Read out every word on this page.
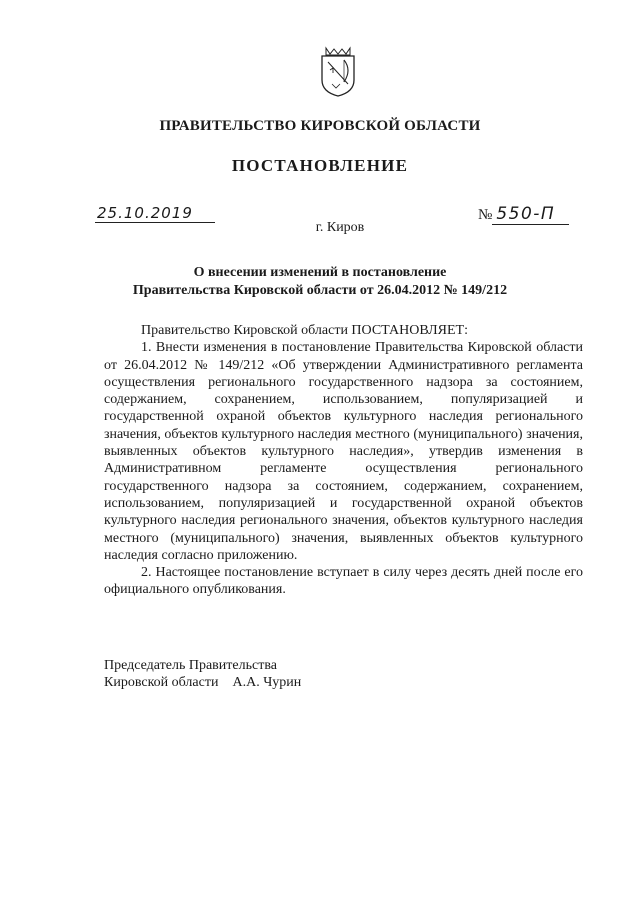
ПРАВИТЕЛЬСТВО КИРОВСКОЙ ОБЛАСТИ
ПОСТАНОВЛЕНИЕ
25.10.2019	№ 550-П
г. Киров
О внесении изменений в постановление
Правительства Кировской области от 26.04.2012 № 149/212

Правительство Кировской области ПОСТАНОВЛЯЕТ:

1. Внести изменения в постановление Правительства Кировской области от 26.04.2012 № 149/212 «Об утверждении Административного регламента осуществления регионального государственного надзора за состоянием, содержанием, сохранением, использованием, популяризацией и государственной охраной объектов культурного наследия регионального значения, объектов культурного наследия местного (муниципального) значения, выявленных объектов культурного наследия», утвердив изменения в Административном регламенте осуществления регионального государственного надзора за состоянием, содержанием, сохранением, использованием, популяризацией и государственной охраной объектов культурного наследия регионального значения, объектов культурного наследия местного (муниципального) значения, выявленных объектов культурного наследия согласно приложению.

2. Настоящее постановление вступает в силу через десять дней после его официального опубликования.

Председатель Правительства
Кировской области А.А. Чурин
